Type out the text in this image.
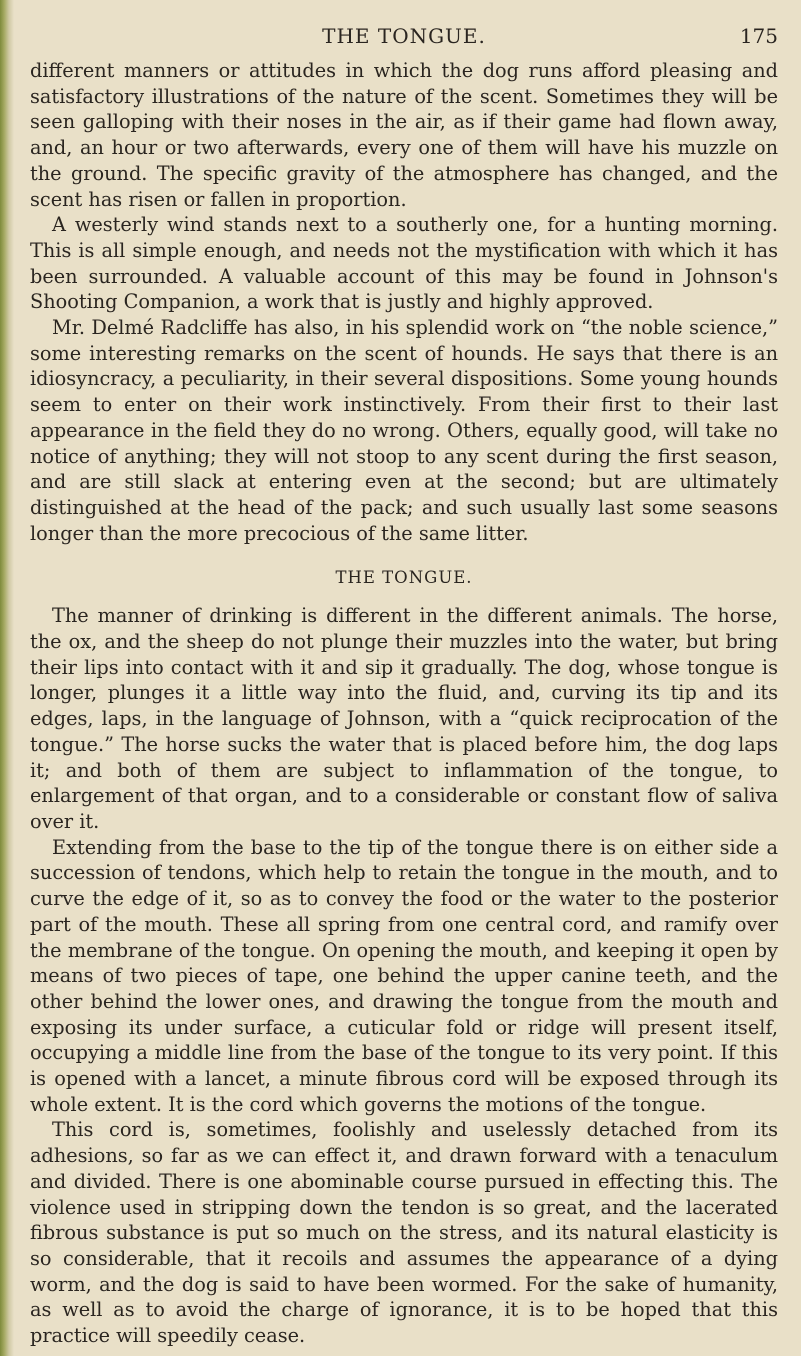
THE TONGUE.	175

different manners or attitudes in which the dog runs afford pleasing and satisfactory illustrations of the nature of the scent. Sometimes they will be seen galloping with their noses in the air, as if their game had flown away, and, an hour or two afterwards, every one of them will have his muzzle on the ground. The specific gravity of the atmosphere has changed, and the scent has risen or fallen in proportion.

A westerly wind stands next to a southerly one, for a hunting morning. This is all simple enough, and needs not the mystification with which it has been surrounded. A valuable account of this may be found in Johnson's Shooting Companion, a work that is justly and highly approved.

Mr. Delmé Radcliffe has also, in his splendid work on “the noble science,” some interesting remarks on the scent of hounds. He says that there is an idiosyncracy, a peculiarity, in their several dispositions. Some young hounds seem to enter on their work instinctively. From their first to their last appearance in the field they do no wrong. Others, equally good, will take no notice of anything; they will not stoop to any scent during the first season, and are still slack at entering even at the second; but are ultimately distinguished at the head of the pack; and such usually last some seasons longer than the more precocious of the same litter.

THE TONGUE.

The manner of drinking is different in the different animals. The horse, the ox, and the sheep do not plunge their muzzles into the water, but bring their lips into contact with it and sip it gradually. The dog, whose tongue is longer, plunges it a little way into the fluid, and, curving its tip and its edges, laps, in the language of Johnson, with a “quick reciprocation of the tongue.” The horse sucks the water that is placed before him, the dog laps it; and both of them are subject to inflammation of the tongue, to enlargement of that organ, and to a considerable or constant flow of saliva over it.

Extending from the base to the tip of the tongue there is on either side a succession of tendons, which help to retain the tongue in the mouth, and to curve the edge of it, so as to convey the food or the water to the posterior part of the mouth. These all spring from one central cord, and ramify over the membrane of the tongue. On opening the mouth, and keeping it open by means of two pieces of tape, one behind the upper canine teeth, and the other behind the lower ones, and drawing the tongue from the mouth and exposing its under surface, a cuticular fold or ridge will present itself, occupying a middle line from the base of the tongue to its very point. If this is opened with a lancet, a minute fibrous cord will be exposed through its whole extent. It is the cord which governs the motions of the tongue.

This cord is, sometimes, foolishly and uselessly detached from its adhesions, so far as we can effect it, and drawn forward with a tenaculum and divided. There is one abominable course pursued in effecting this. The violence used in stripping down the tendon is so great, and the lacerated fibrous substance is put so much on the stress, and its natural elasticity is so considerable, that it recoils and assumes the appearance of a dying worm, and the dog is said to have been wormed. For the sake of humanity, as well as to avoid the charge of ignorance, it is to be hoped that this practice will speedily cease.
